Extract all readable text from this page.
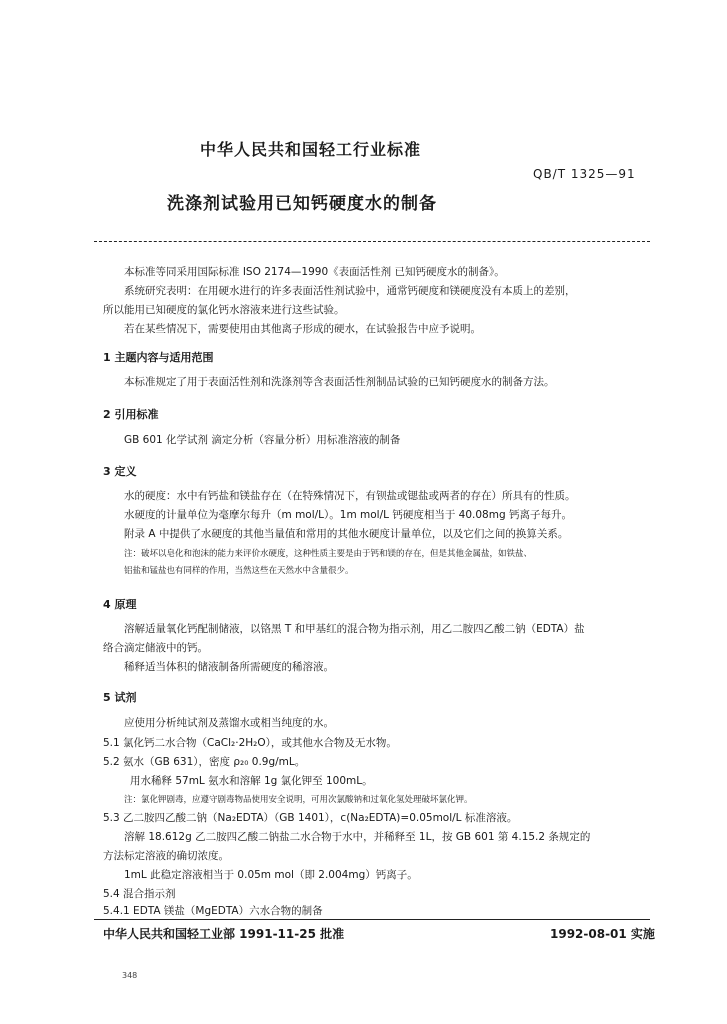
中华人民共和国轻工行业标准
QB/T 1325—91
洗涤剂试验用已知钙硬度水的制备
本标准等同采用国际标准 ISO 2174—1990《表面活性剂 已知钙硬度水的制备》。
系统研究表明：在用硬水进行的许多表面活性剂试验中，通常钙硬度和镁硬度没有本质上的差别，
所以能用已知硬度的氯化钙水溶液来进行这些试验。
若在某些情况下，需要使用由其他离子形成的硬水，在试验报告中应予说明。
1 主题内容与适用范围
本标准规定了用于表面活性剂和洗涤剂等含表面活性剂制品试验的已知钙硬度水的制备方法。
2 引用标准
GB 601 化学试剂 滴定分析（容量分析）用标准溶液的制备
3 定义
水的硬度：水中有钙盐和镁盐存在（在特殊情况下，有钡盐或锶盐或两者的存在）所具有的性质。
水硬度的计量单位为毫摩尔每升（m mol/L）。1m mol/L 钙硬度相当于 40.08mg 钙离子每升。
附录 A 中提供了水硬度的其他当量值和常用的其他水硬度计量单位，以及它们之间的换算关系。
注：破坏以皂化和泡沫的能力来评价水硬度，这种性质主要是由于钙和镁的存在，但是其他金属盐，如铁盐、
铝盐和锰盐也有同样的作用，当然这些在天然水中含量很少。
4 原理
溶解适量氧化钙配制储液，以铬黑 T 和甲基红的混合物为指示剂，用乙二胺四乙酸二钠（EDTA）盐
络合滴定储液中的钙。
稀释适当体积的储液制备所需硬度的稀溶液。
5 试剂
应使用分析纯试剂及蒸馏水或相当纯度的水。
5.1 氯化钙二水合物（CaCl₂·2H₂O），或其他水合物及无水物。
5.2 氨水（GB 631），密度 ρ₂₀ 0.9g/mL。
用水稀释 57mL 氨水和溶解 1g 氯化钾至 100mL。
注：氯化钾剧毒，应遵守剧毒物品使用安全说明，可用次氯酸钠和过氧化氢处理破坏氯化钾。
5.3 乙二胺四乙酸二钠（Na₂EDTA）（GB 1401），c(Na₂EDTA)=0.05mol/L 标准溶液。
溶解 18.612g 乙二胺四乙酸二钠盐二水合物于水中，并稀释至 1L，按 GB 601 第 4.15.2 条规定的
方法标定溶液的确切浓度。
1mL 此稳定溶液相当于 0.05m mol（即 2.004mg）钙离子。
5.4 混合指示剂
5.4.1 EDTA 镁盐（MgEDTA）六水合物的制备
中华人民共和国轻工业部 1991-11-25 批准	1992-08-01 实施
348
